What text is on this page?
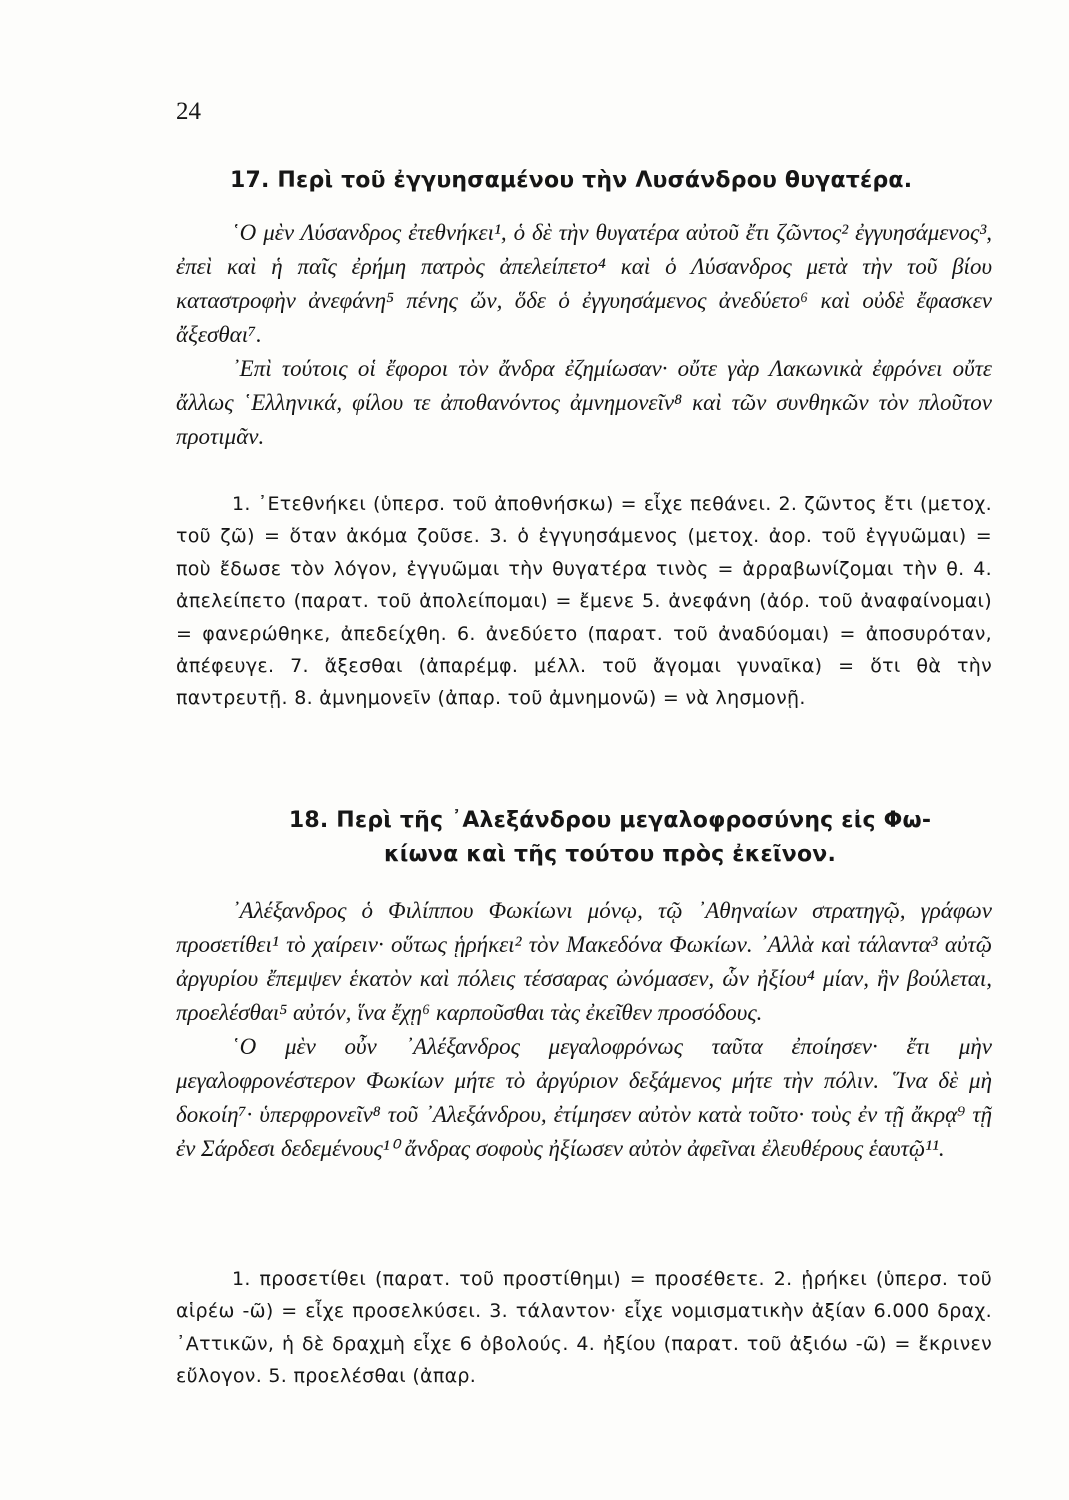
24
17. Περὶ τοῦ ἐγγυησαμένου τὴν Λυσάνδρου θυγατέρα.

῾Ο μὲν Λύσανδρος ἐτεθνήκει¹, ὁ δὲ τὴν θυγατέρα αὐτοῦ ἔτι ζῶντος² ἐγγυησάμενος³, ἐπεὶ καὶ ἡ παῖς ἐρήμη πατρὸς ἀπελείπετο⁴ καὶ ὁ Λύσανδρος μετὰ τὴν τοῦ βίου καταστροφὴν ἀνεφάνη⁵ πένης ὤν, ὅδε ὁ ἐγγυησάμενος ἀνεδύετο⁶ καὶ οὐδὲ ἔφασκεν ἄξεσθαι⁷.

᾿Επὶ τούτοις οἱ ἔφοροι τὸν ἄνδρα ἐζημίωσαν· οὔτε γὰρ Λακωνικὰ ἐφρόνει οὔτε ἄλλως ῾Ελληνικά, φίλου τε ἀποθανόντος ἀμνημονεῖν⁸ καὶ τῶν συνθηκῶν τὸν πλοῦτον προτιμᾶν.

1. ᾿Ετεθνήκει (ὑπερσ. τοῦ ἀποθνήσκω) = εἶχε πεθάνει. 2. ζῶντος ἔτι (μετοχ. τοῦ ζῶ) = ὅταν ἀκόμα ζοῦσε. 3. ὁ ἐγγυησάμενος (μετοχ. ἀορ. τοῦ ἐγγυῶμαι) = ποὺ ἔδωσε τὸν λόγον, ἐγγυῶμαι τὴν θυγατέρα τινὸς = ἀρραβωνίζομαι τὴν θ. 4. ἀπελείπετο (παρατ. τοῦ ἀπολείπομαι) = ἔμενε 5. ἀνεφάνη (ἀόρ. τοῦ ἀναφαίνομαι) = φανερώθηκε, ἀπεδείχθη. 6. ἀνεδύετο (παρατ. τοῦ ἀναδύομαι) = ἀποσυρόταν, ἀπέφευγε. 7. ἄξεσθαι (ἀπαρέμφ. μέλλ. τοῦ ἄγομαι γυναῖκα) = ὅτι θὰ τὴν παντρευτῇ. 8. ἀμνημονεῖν (ἀπαρ. τοῦ ἀμνημονῶ) = νὰ λησμονῇ.

18. Περὶ τῆς ᾿Αλεξάνδρου μεγαλοφροσύνης εἰς Φω-
κίωνα καὶ τῆς τούτου πρὸς ἐκεῖνον.

᾿Αλέξανδρος ὁ Φιλίππου Φωκίωνι μόνῳ, τῷ ᾿Αθηναίων στρατηγῷ, γράφων προσετίθει¹ τὸ χαίρειν· οὕτως ᾑρήκει² τὸν Μακεδόνα Φωκίων. ᾿Αλλὰ καὶ τάλαντα³ αὐτῷ ἀργυρίου ἔπεμψεν ἑκατὸν καὶ πόλεις τέσσαρας ὠνόμασεν, ὧν ἠξίου⁴ μίαν, ἣν βούλεται, προελέσθαι⁵ αὐτόν, ἵνα ἔχῃ⁶ καρποῦσθαι τὰς ἐκεῖθεν προσόδους.

῾Ο μὲν οὖν ᾿Αλέξανδρος μεγαλοφρόνως ταῦτα ἐποίησεν· ἔτι μὴν μεγαλοφρονέστερον Φωκίων μήτε τὸ ἀργύριον δεξάμενος μήτε τὴν πόλιν. ῞Ινα δὲ μὴ δοκοίη⁷· ὑπερφρονεῖν⁸ τοῦ ᾿Αλεξάνδρου, ἐτίμησεν αὐτὸν κατὰ τοῦτο· τοὺς ἐν τῇ ἄκρᾳ⁹ τῇ ἐν Σάρδεσι δεδεμένους¹⁰ ἄνδρας σοφοὺς ἠξίωσεν αὐτὸν ἀφεῖναι ἐλευθέρους ἑαυτῷ¹¹.

1. προσετίθει (παρατ. τοῦ προστίθημι) = προσέθετε. 2. ᾑρήκει (ὑπερσ. τοῦ αἱρέω -ῶ) = εἶχε προσελκύσει. 3. τάλαντον· εἶχε νομισματικὴν ἀξίαν 6.000 δραχ. ᾿Αττικῶν, ἡ δὲ δραχμὴ εἶχε 6 ὀβολούς. 4. ἠξίου (παρατ. τοῦ ἀξιόω -ῶ) = ἔκρινεν εὔλογον. 5. προελέσθαι (ἀπαρ.
